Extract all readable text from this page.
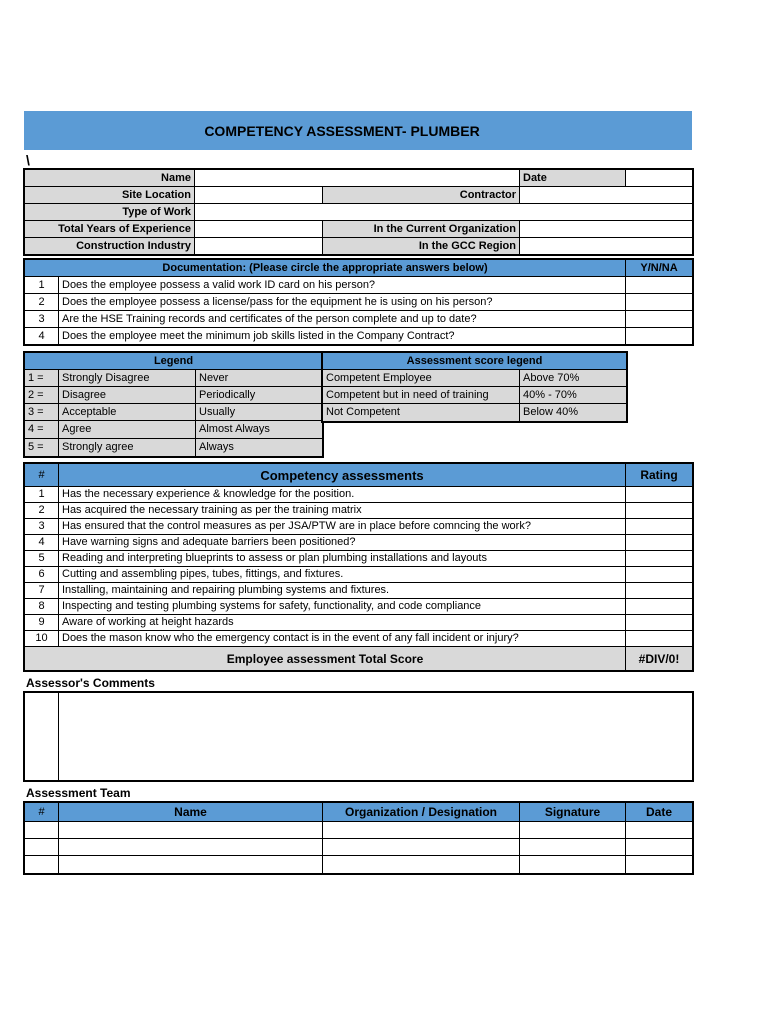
COMPETENCY ASSESSMENT- PLUMBER
\
Name			Date	
Site Location		Contractor		
Type of Work				
Total Years of Experience		In the Current Organization		
Construction Industry		In the GCC Region		
Documentation: (Please circle the appropriate answers below)		Y/N/NA
1	Does the employee possess a valid work ID card on his person?	
2	Does the employee possess a license/pass for the equipment he is using on his person?	
3	Are the HSE Training records and certificates of the person complete and up to date?	
4	Does the employee meet the minimum job skills listed in the Company Contract?	
Legend		
1 =	Strongly Disagree	Never
2 =	Disagree	Periodically
3 =	Acceptable	Usually
4 =	Agree	Almost Always
5 =	Strongly agree	Always
Assessment score legend	
Competent Employee	Above 70%
Competent but in need of training	40% - 70%
Not Competent	Below 40%
#	Competency assessments	Rating
1	Has the necessary experience & knowledge for the position.	
2	Has acquired the necessary training as per the training matrix	
3	Has ensured that the control measures as per JSA/PTW are in place before comncing the work?	
4	Have warning signs and adequate barriers been positioned?	
5	Reading and interpreting blueprints to assess or plan plumbing installations and layouts	
6	Cutting and assembling pipes, tubes, fittings, and fixtures.	
7	Installing, maintaining and repairing plumbing systems and fixtures.	
8	Inspecting and testing plumbing systems for safety, functionality, and code compliance	
9	Aware of working at height hazards	
10	Does the mason know who the emergency contact is in the event of any fall incident or injury?	
Employee assessment Total Score		#DIV/0!
Assessor's Comments

Assessment Team
#	Name	Organization / Designation	Signature	Date
